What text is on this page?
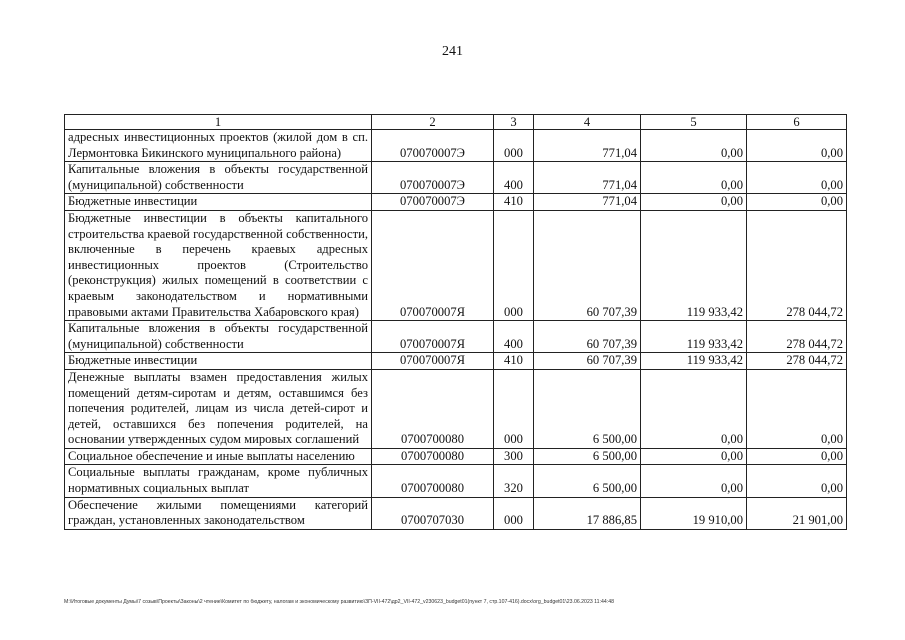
241
1	2	3	4	5	6
адресных инвестиционных проектов (жилой дом в сп. Лермонтовка Бикинского муниципального района)	070070007Э	000	771,04	0,00	0,00
Капитальные вложения в объекты государственной (муниципальной) собственности	070070007Э	400	771,04	0,00	0,00
Бюджетные инвестиции	070070007Э	410	771,04	0,00	0,00
Бюджетные инвестиции в объекты капитального строительства краевой государственной собственности, включенные в перечень краевых адресных инвестиционных проектов (Строительство (реконструкция) жилых помещений в соответствии с краевым законодательством и нормативными правовыми актами Правительства Хабаровского края)	070070007Я	000	60 707,39	119 933,42	278 044,72
Капитальные вложения в объекты государственной (муниципальной) собственности	070070007Я	400	60 707,39	119 933,42	278 044,72
Бюджетные инвестиции	070070007Я	410	60 707,39	119 933,42	278 044,72
Денежные выплаты взамен предоставления жилых помещений детям-сиротам и детям, оставшимся без попечения родителей, лицам из числа детей-сирот и детей, оставшихся без попечения родителей, на основании утвержденных судом мировых соглашений	0700700080	000	6 500,00	0,00	0,00
Социальное обеспечение и иные выплаты населению	0700700080	300	6 500,00	0,00	0,00
Социальные выплаты гражданам, кроме публичных нормативных социальных выплат	0700700080	320	6 500,00	0,00	0,00
Обеспечение жилыми помещениями категорий граждан, установленных законодательством	0700707030	000	17 886,85	19 910,00	21 901,00
M:\Итоговые документы Думы\7 созыв\Проекты\Законы\2 чтение\Комитет по бюджету, налогам и экономическому развитию\ЗП-VII-472\др2_VII-472_v230623_budget01(пункт 7, стр.107-416).docx\org_budget01\23.06.2023 11:44:48
